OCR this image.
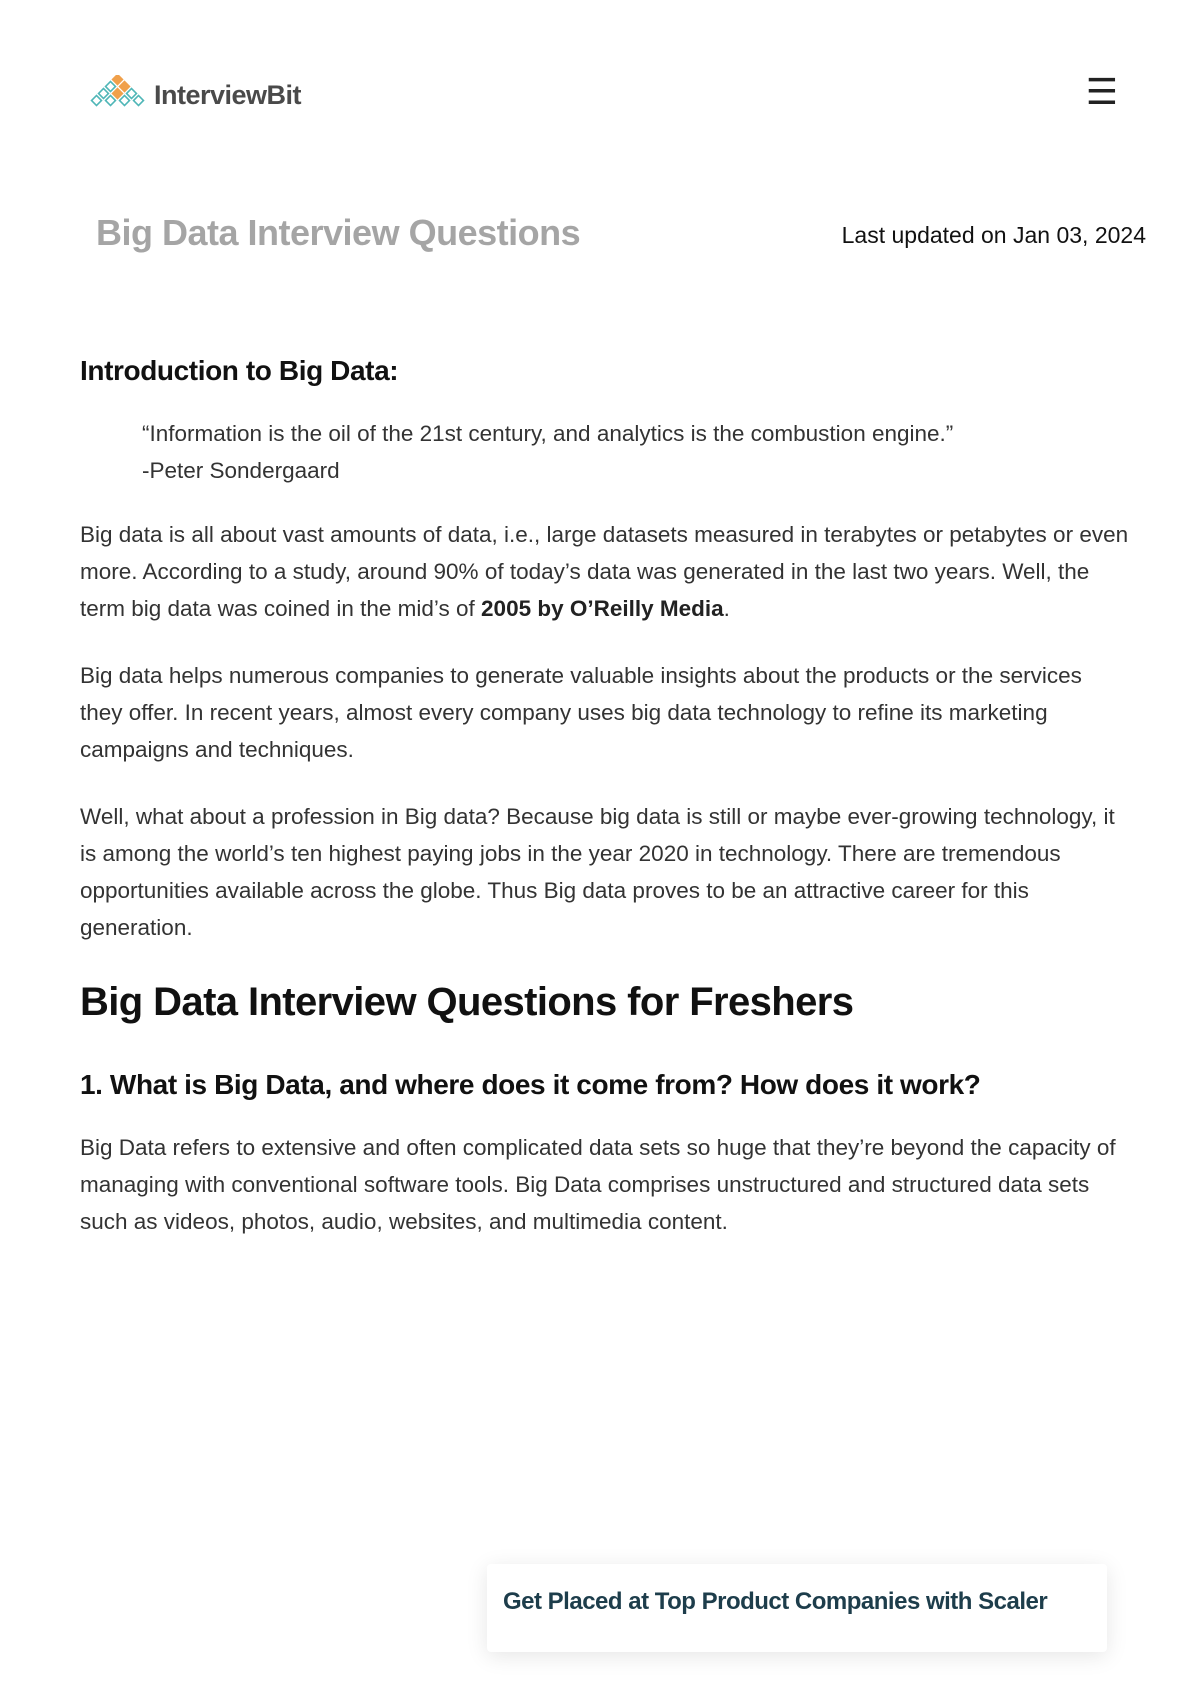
InterviewBit	☰
Big Data Interview Questions	Last updated on Jan 03, 2024
Introduction to Big Data:
“Information is the oil of the 21st century, and analytics is the combustion engine.”
-Peter Sondergaard

Big data is all about vast amounts of data, i.e., large datasets measured in terabytes or petabytes or even more. According to a study, around 90% of today’s data was generated in the last two years. Well, the term big data was coined in the mid’s of 2005 by O’Reilly Media.

Big data helps numerous companies to generate valuable insights about the products or the services they offer. In recent years, almost every company uses big data technology to refine its marketing campaigns and techniques.

Well, what about a profession in Big data? Because big data is still or maybe ever-growing technology, it is among the world’s ten highest paying jobs in the year 2020 in technology. There are tremendous opportunities available across the globe. Thus Big data proves to be an attractive career for this generation.

Big Data Interview Questions for Freshers
1. What is Big Data, and where does it come from? How does it work?

Big Data refers to extensive and often complicated data sets so huge that they’re beyond the capacity of managing with conventional software tools. Big Data comprises unstructured and structured data sets such as videos, photos, audio, websites, and multimedia content.

Get Placed at Top Product Companies with Scaler
